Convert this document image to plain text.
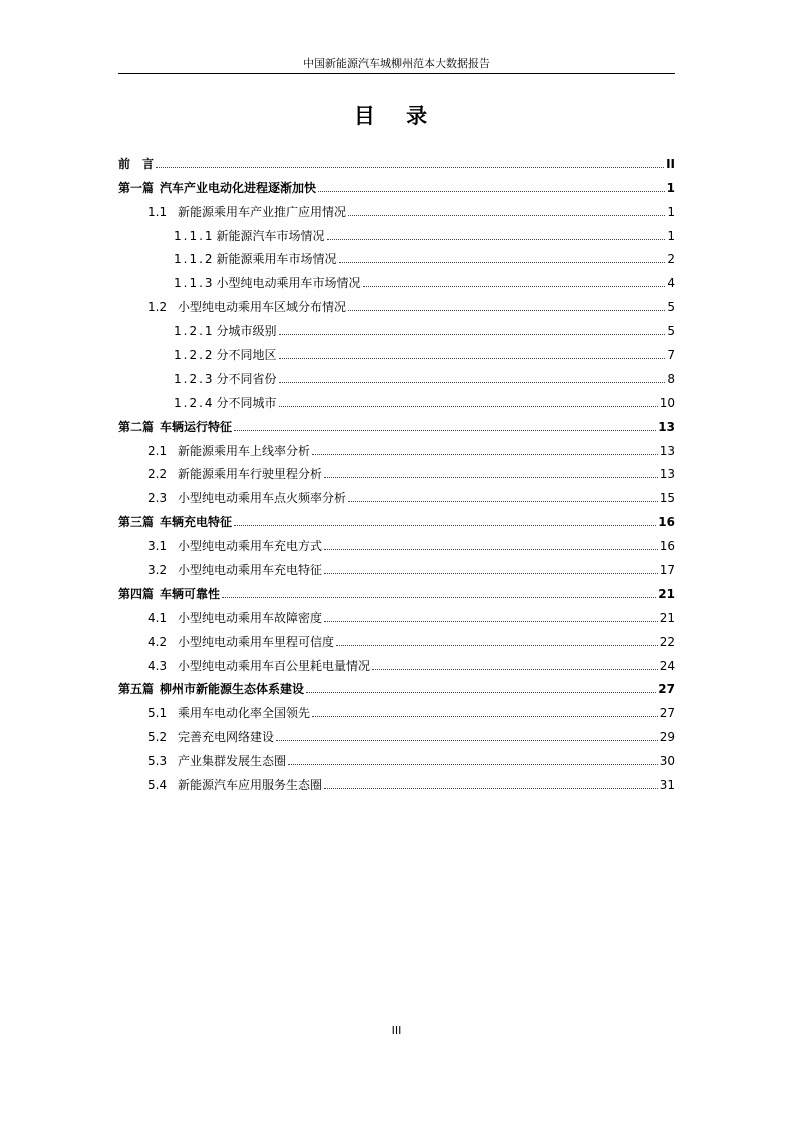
中国新能源汽车城柳州范本大数据报告
目 录
前　言	II
第一篇 汽车产业电动化进程逐渐加快	1
1.1 新能源乘用车产业推广应用情况	1
1.1.1 新能源汽车市场情况	1
1.1.2 新能源乘用车市场情况	2
1.1.3 小型纯电动乘用车市场情况	4
1.2 小型纯电动乘用车区域分布情况	5
1.2.1 分城市级别	5
1.2.2 分不同地区	7
1.2.3 分不同省份	8
1.2.4 分不同城市	10
第二篇 车辆运行特征	13
2.1 新能源乘用车上线率分析	13
2.2 新能源乘用车行驶里程分析	13
2.3 小型纯电动乘用车点火频率分析	15
第三篇 车辆充电特征	16
3.1 小型纯电动乘用车充电方式	16
3.2 小型纯电动乘用车充电特征	17
第四篇 车辆可靠性	21
4.1 小型纯电动乘用车故障密度	21
4.2 小型纯电动乘用车里程可信度	22
4.3 小型纯电动乘用车百公里耗电量情况	24
第五篇 柳州市新能源生态体系建设	27
5.1 乘用车电动化率全国领先	27
5.2 完善充电网络建设	29
5.3 产业集群发展生态圈	30
5.4 新能源汽车应用服务生态圈	31
III
